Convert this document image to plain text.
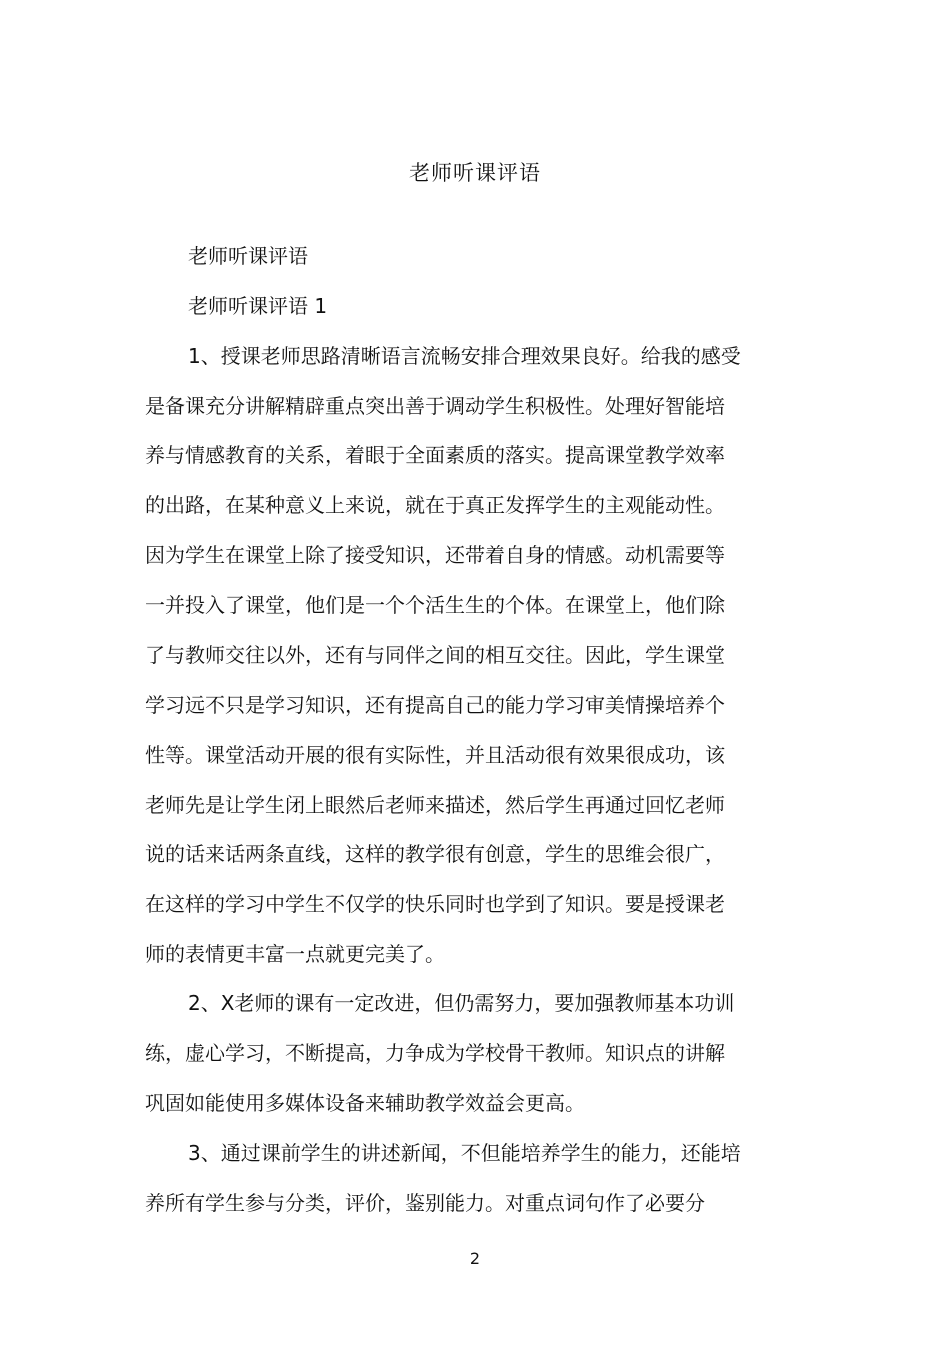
老师听课评语
老师听课评语
老师听课评语 1
1、授课老师思路清晰语言流畅安排合理效果良好。给我的感受
是备课充分讲解精辟重点突出善于调动学生积极性。处理好智能培
养与情感教育的关系，着眼于全面素质的落实。提高课堂教学效率
的出路，在某种意义上来说，就在于真正发挥学生的主观能动性。
因为学生在课堂上除了接受知识，还带着自身的情感。动机需要等
一并投入了课堂，他们是一个个活生生的个体。在课堂上，他们除
了与教师交往以外，还有与同伴之间的相互交往。因此，学生课堂
学习远不只是学习知识，还有提高自己的能力学习审美情操培养个
性等。课堂活动开展的很有实际性，并且活动很有效果很成功，该
老师先是让学生闭上眼然后老师来描述，然后学生再通过回忆老师
说的话来话两条直线，这样的教学很有创意，学生的思维会很广，
在这样的学习中学生不仅学的快乐同时也学到了知识。要是授课老
师的表情更丰富一点就更完美了。
2、X老师的课有一定改进，但仍需努力，要加强教师基本功训
练，虚心学习，不断提高，力争成为学校骨干教师。知识点的讲解
巩固如能使用多媒体设备来辅助教学效益会更高。
3、通过课前学生的讲述新闻，不但能培养学生的能力，还能培
养所有学生参与分类，评价，鉴别能力。对重点词句作了必要分
2
